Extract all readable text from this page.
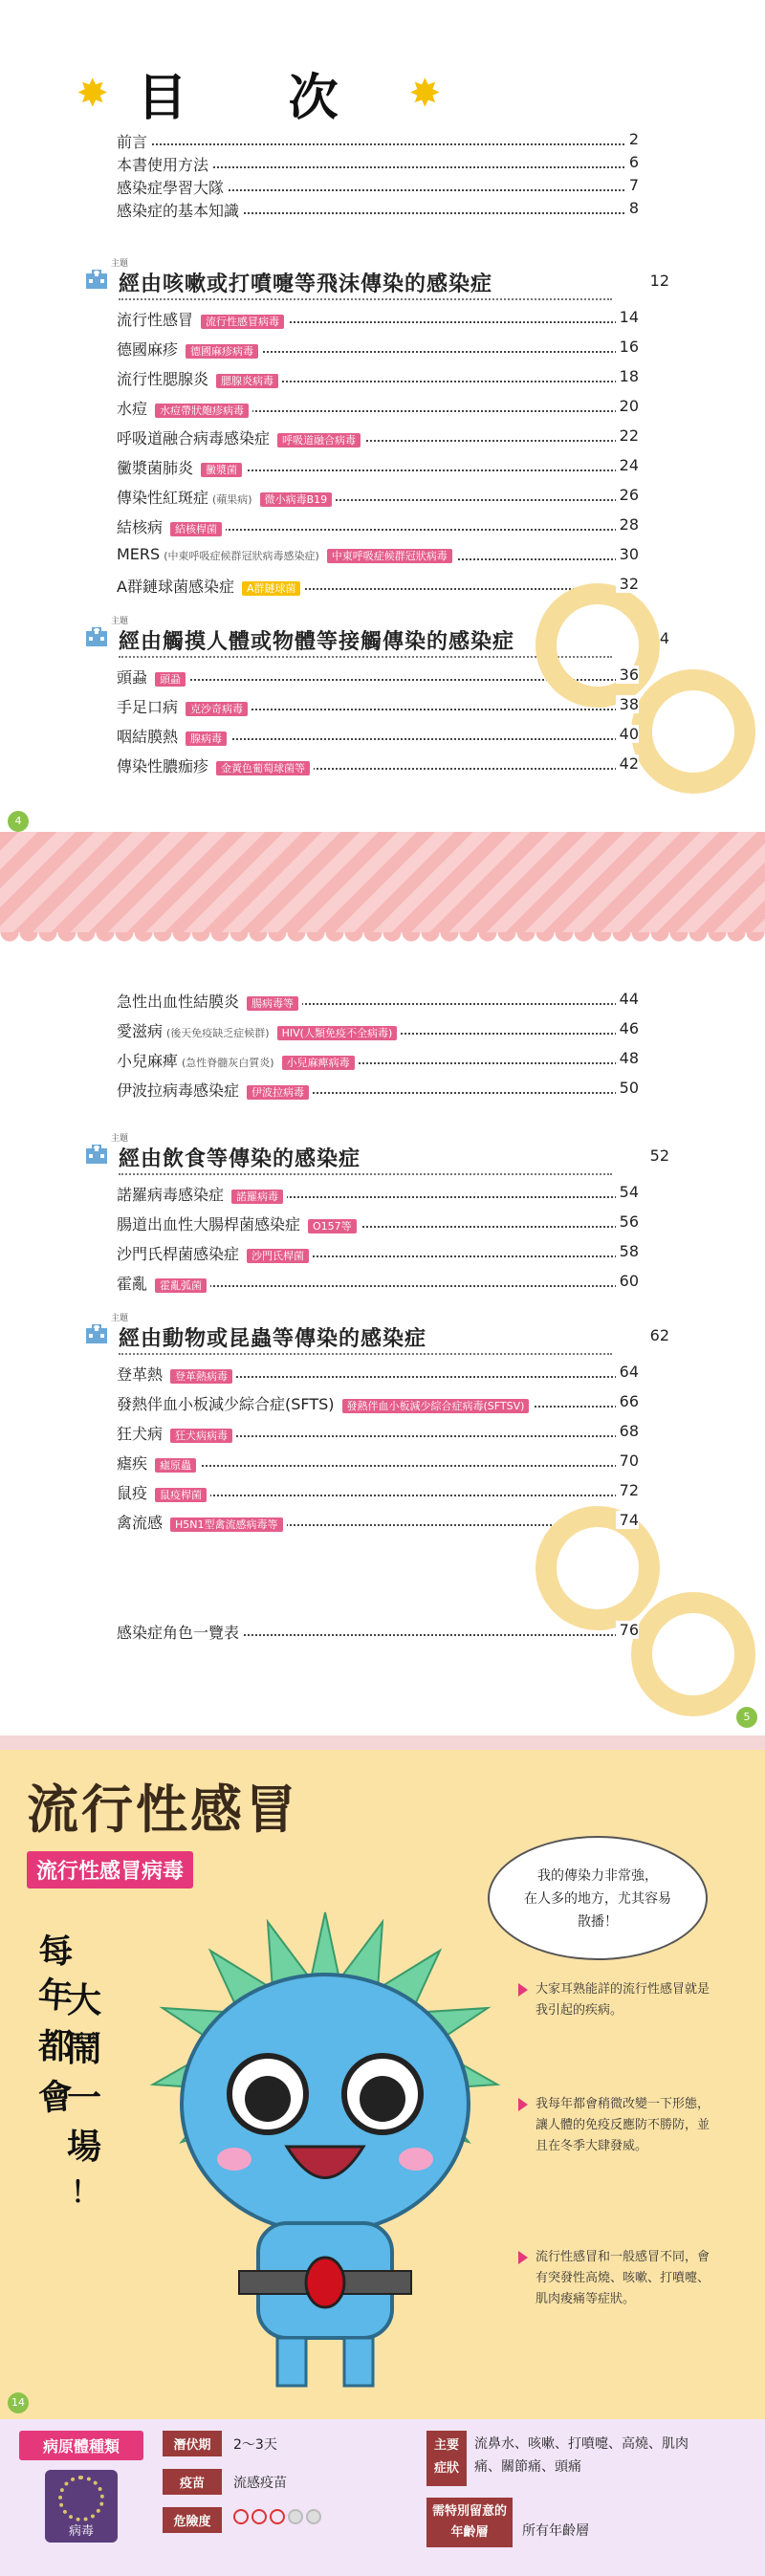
✸ 目 次 ✸
前言	2
本書使用方法	6
感染症學習大隊	7
感染症的基本知識	8
主題
經由咳嗽或打噴嚏等飛沫傳染的感染症	12
流行性感冒 流行性感冒病毒	14
德國麻疹 德國麻疹病毒	16
流行性腮腺炎 腮腺炎病毒	18
水痘 水痘帶狀皰疹病毒	20
呼吸道融合病毒感染症 呼吸道融合病毒	22
黴漿菌肺炎 黴漿菌	24
傳染性紅斑症 (蘋果病) 微小病毒B19	26
結核病 結核桿菌	28
MERS (中東呼吸症候群冠狀病毒感染症) 中東呼吸症候群冠狀病毒	30
A群鏈球菌感染症 A群鏈球菌	32
主題
經由觸摸人體或物體等接觸傳染的感染症	34
頭蝨 頭蝨	36
手足口病 克沙奇病毒	38
咽結膜熱 腺病毒	40
傳染性膿痂疹 金黃色葡萄球菌等	42
4
急性出血性結膜炎 腸病毒等	44
愛滋病 (後天免疫缺乏症候群) HIV(人類免疫不全病毒)	46
小兒麻痺 (急性脊髓灰白質炎) 小兒麻痺病毒	48
伊波拉病毒感染症 伊波拉病毒	50
主題
經由飲食等傳染的感染症	52
諾羅病毒感染症 諾羅病毒	54
腸道出血性大腸桿菌感染症 O157等	56
沙門氏桿菌感染症 沙門氏桿菌	58
霍亂 霍亂弧菌	60
主題
經由動物或昆蟲等傳染的感染症	62
登革熱 登革熱病毒	64
發熱伴血小板減少綜合症(SFTS) 發熱伴血小板減少綜合症病毒(SFTSV)	66
狂犬病 狂犬病病毒	68
瘧疾 瘧原蟲	70
鼠疫 鼠疫桿菌	72
禽流感 H5N1型禽流感病毒等	74
感染症角色一覽表	76
5
流行性感冒
流行性感冒病毒	我的傳染力非常強，
在人多的地方，尤其容易
散播！
每
年
都
會
大
鬧
一
場
！
大家耳熟能詳的流行性感冒就是我引起的疾病。
我每年都會稍微改變一下形態，讓人體的免疫反應防不勝防，並且在冬季大肆發威。
流行性感冒和一般感冒不同，會有突發性高燒、咳嗽、打噴嚏、肌肉痠痛等症狀。
14
病原體種類
病毒
潛伏期	2～3天
疫苗	流感疫苗
危險度
主要症狀
流鼻水、咳嗽、打噴嚏、高燒、肌肉痛、關節痛、頭痛
需特別留意的年齡層	所有年齡層
